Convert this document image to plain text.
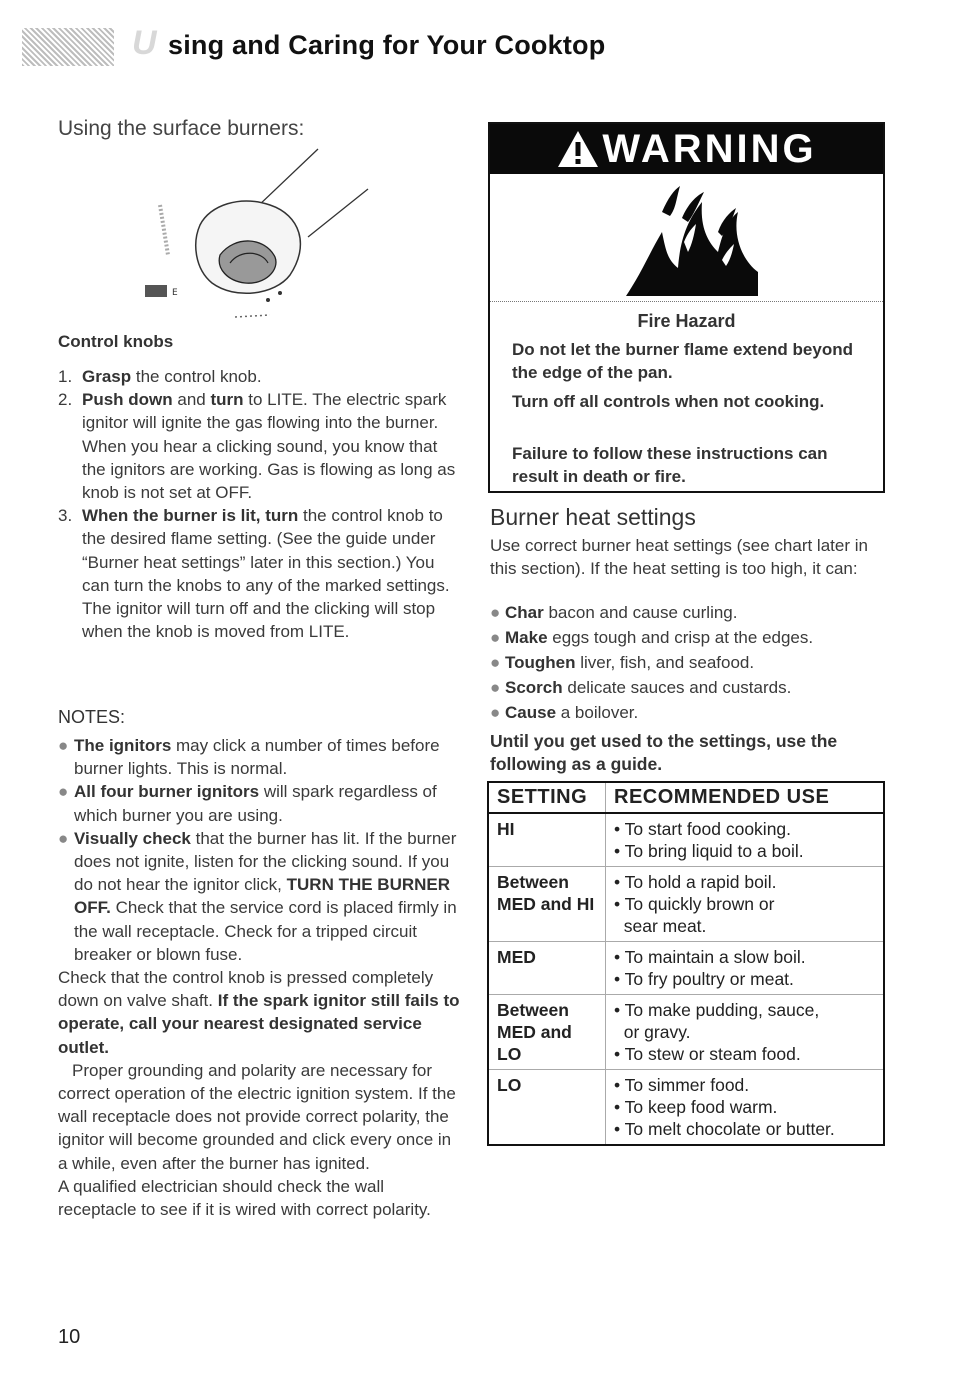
U sing and Caring for Your Cooktop
Using the surface burners:
E
Control knobs
1. Grasp the control knob.
2. Push down and turn to LITE. The electric spark ignitor will ignite the gas flowing into the burner. When you hear a clicking sound, you know that the ignitors are working. Gas is flowing as long as knob is not set at OFF.
3. When the burner is lit, turn the control knob to the desired flame setting. (See the guide under “Burner heat settings” later in this section.) You can turn the knobs to any of the marked settings. The ignitor will turn off and the clicking will stop when the knob is moved from LITE.
NOTES:
● The ignitors may click a number of times before burner lights. This is normal.
● All four burner ignitors will spark regardless of which burner you are using.
● Visually check that the burner has lit. If the burner does not ignite, listen for the clicking sound. If you do not hear the ignitor click, TURN THE BURNER OFF. Check that the service cord is placed firmly in the wall receptacle. Check for a tripped circuit breaker or blown fuse.
Check that the control knob is pressed completely down on valve shaft. If the spark ignitor still fails to operate, call your nearest designated service outlet.
Proper grounding and polarity are necessary for correct operation of the electric ignition system. If the wall receptacle does not provide correct polarity, the ignitor will become grounded and click every once in a while, even after the burner has ignited.
A qualified electrician should check the wall receptacle to see if it is wired with correct polarity.
10
WARNING
Fire Hazard
Do not let the burner flame extend beyond the edge of the pan.
Turn off all controls when not cooking.
Failure to follow these instructions can result in death or fire.
Burner heat settings
Use correct burner heat settings (see chart later in this section). If the heat setting is too high, it can:
● Char bacon and cause curling.
● Make eggs tough and crisp at the edges.
● Toughen liver, fish, and seafood.
● Scorch delicate sauces and custards.
● Cause a boilover.
Until you get used to the settings, use the following as a guide.
SETTING	RECOMMENDED USE
HI	• To start food cooking.
• To bring liquid to a boil.

Between MED and HI	• To hold a rapid boil.
• To quickly brown or
sear meat.

MED	• To maintain a slow boil.
• To fry poultry or meat.

Between MED and LO	• To make pudding, sauce,
or gravy.
• To stew or steam food.

LO	• To simmer food.
• To keep food warm.
• To melt chocolate or butter.
